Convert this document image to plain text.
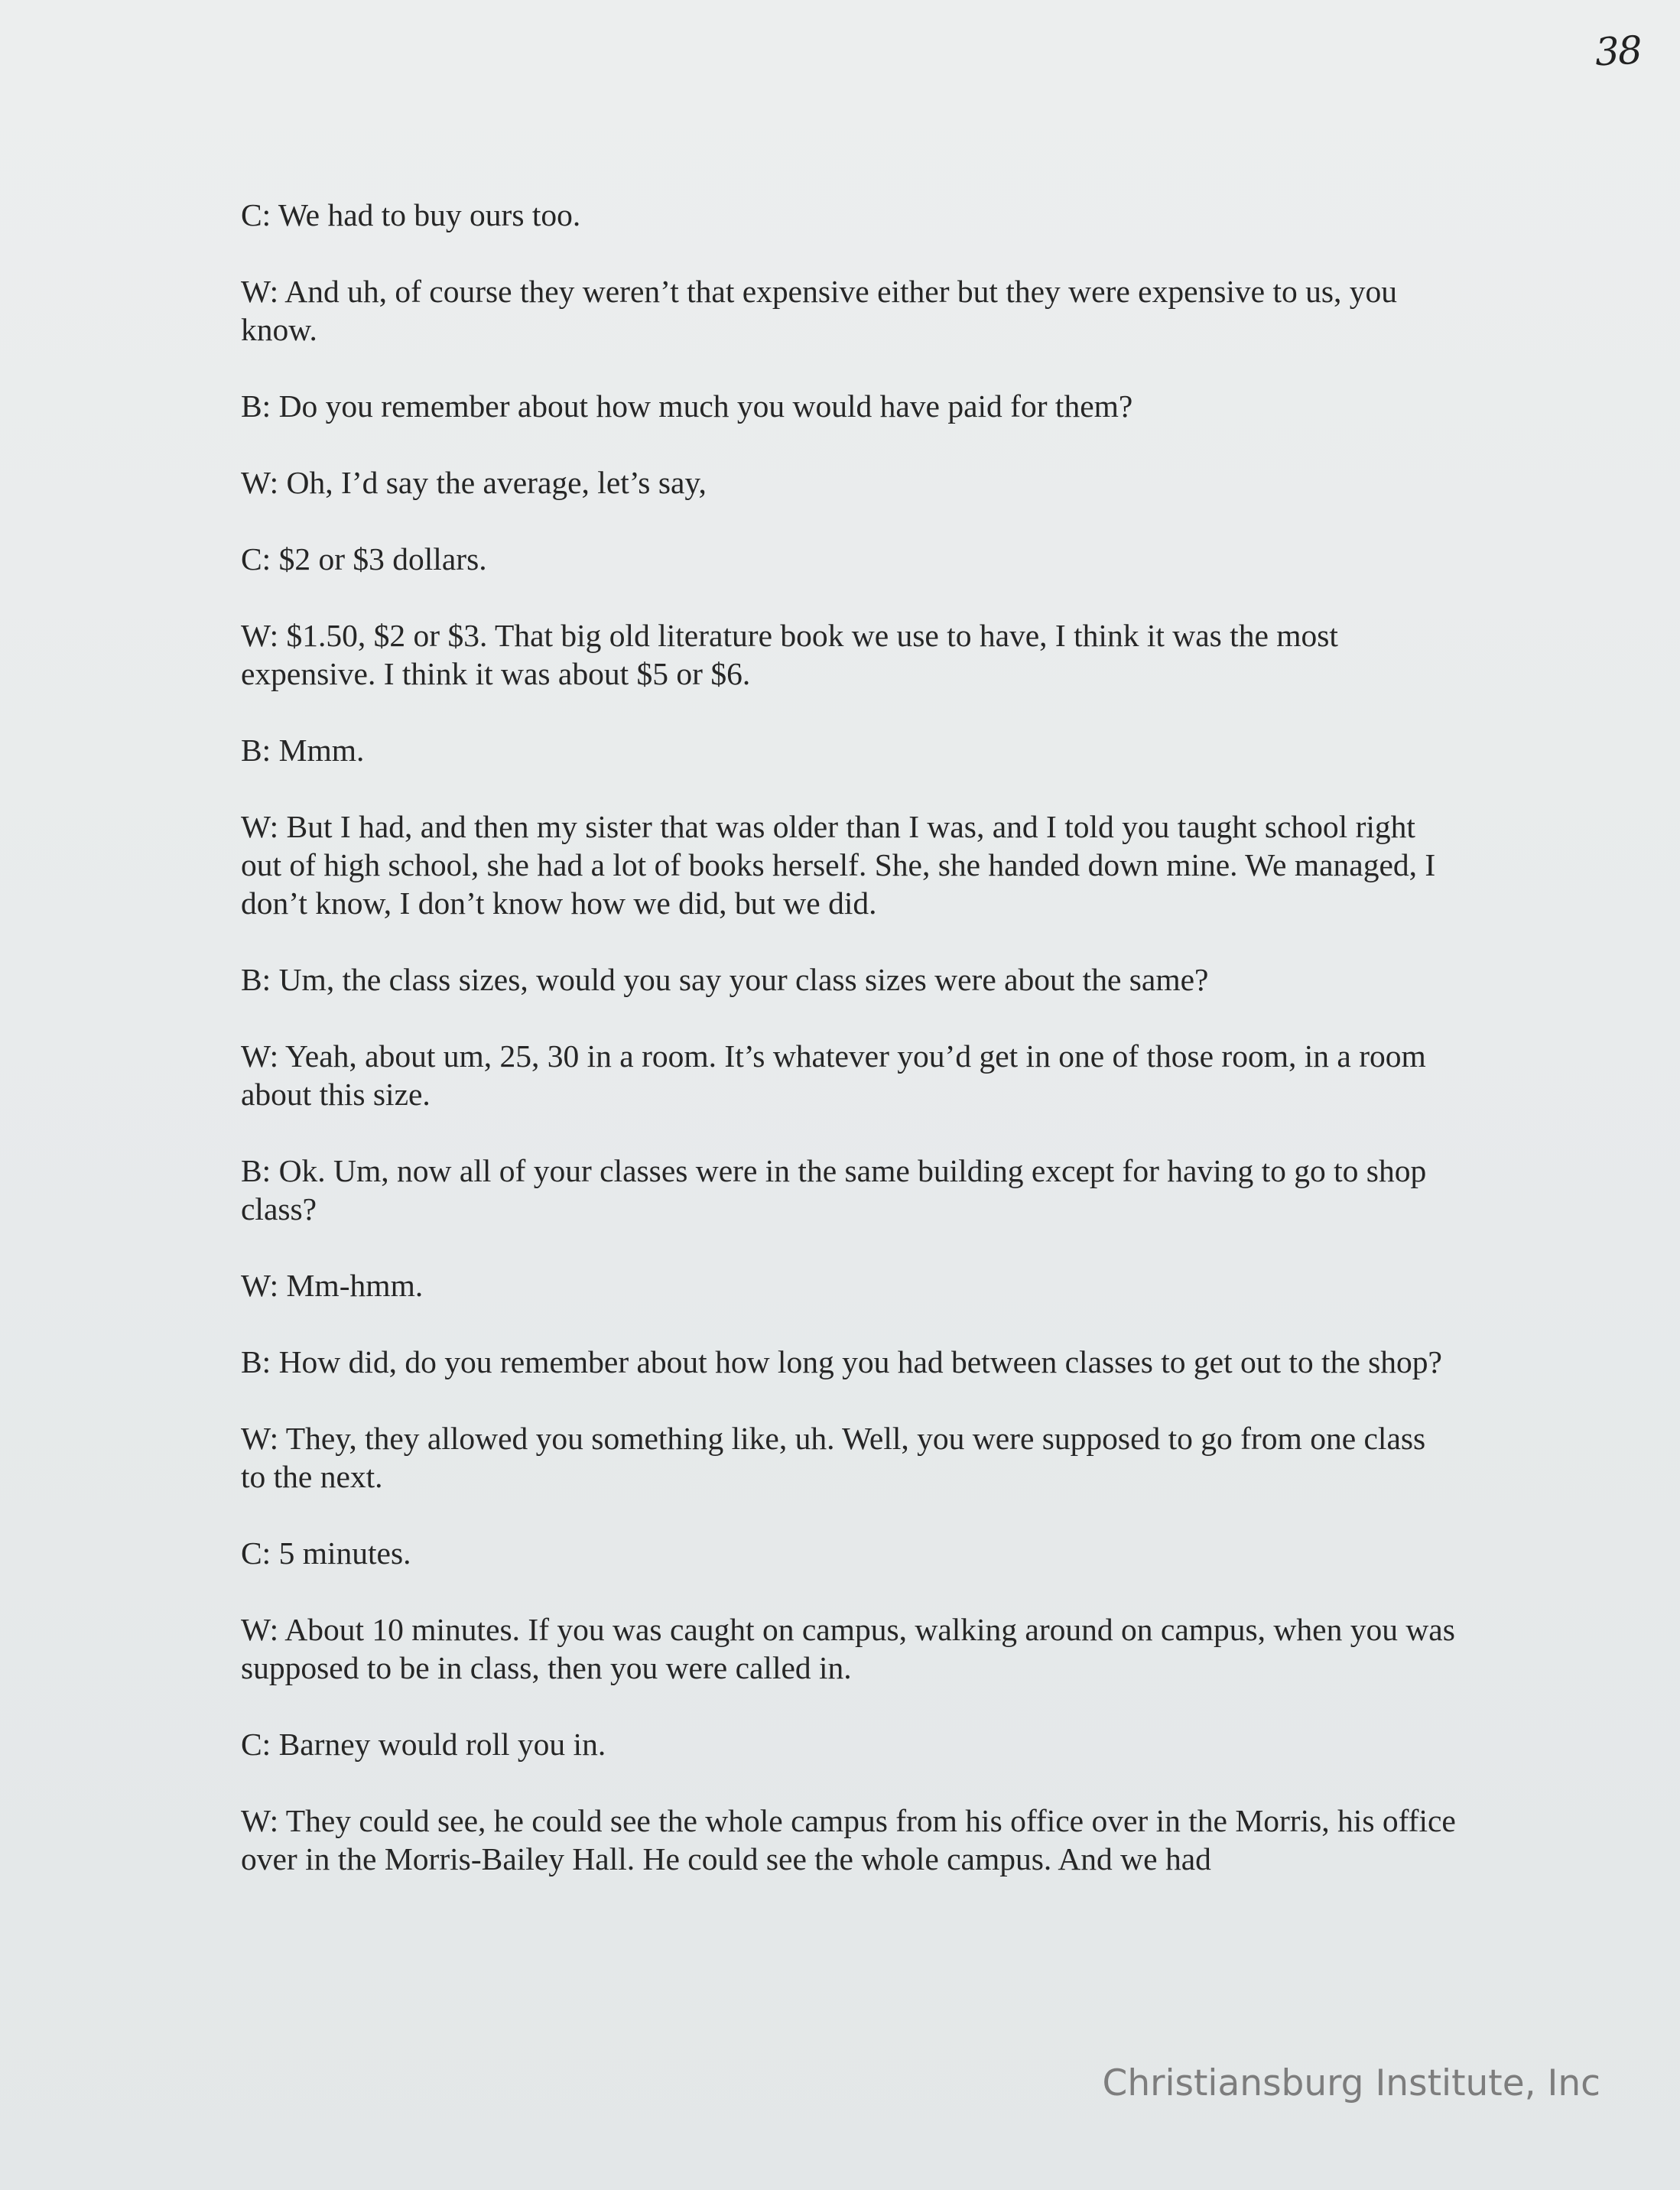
38

C: We had to buy ours too.

W: And uh, of course they weren’t that expensive either but they were expensive to us, you know.

B: Do you remember about how much you would have paid for them?

W: Oh, I’d say the average, let’s say,

C: $2 or $3 dollars.

W: $1.50, $2 or $3. That big old literature book we use to have, I think it was the most expensive. I think it was about $5 or $6.

B: Mmm.

W: But I had, and then my sister that was older than I was, and I told you taught school right out of high school, she had a lot of books herself. She, she handed down mine. We managed, I don’t know, I don’t know how we did, but we did.

B: Um, the class sizes, would you say your class sizes were about the same?

W: Yeah, about um, 25, 30 in a room. It’s whatever you’d get in one of those room, in a room about this size.

B: Ok. Um, now all of your classes were in the same building except for having to go to shop class?

W: Mm-hmm.

B: How did, do you remember about how long you had between classes to get out to the shop?

W: They, they allowed you something like, uh. Well, you were supposed to go from one class to the next.

C: 5 minutes.

W: About 10 minutes. If you was caught on campus, walking around on campus, when you was supposed to be in class, then you were called in.

C: Barney would roll you in.

W: They could see, he could see the whole campus from his office over in the Morris, his office over in the Morris-Bailey Hall. He could see the whole campus. And we had

Christiansburg Institute, Inc
